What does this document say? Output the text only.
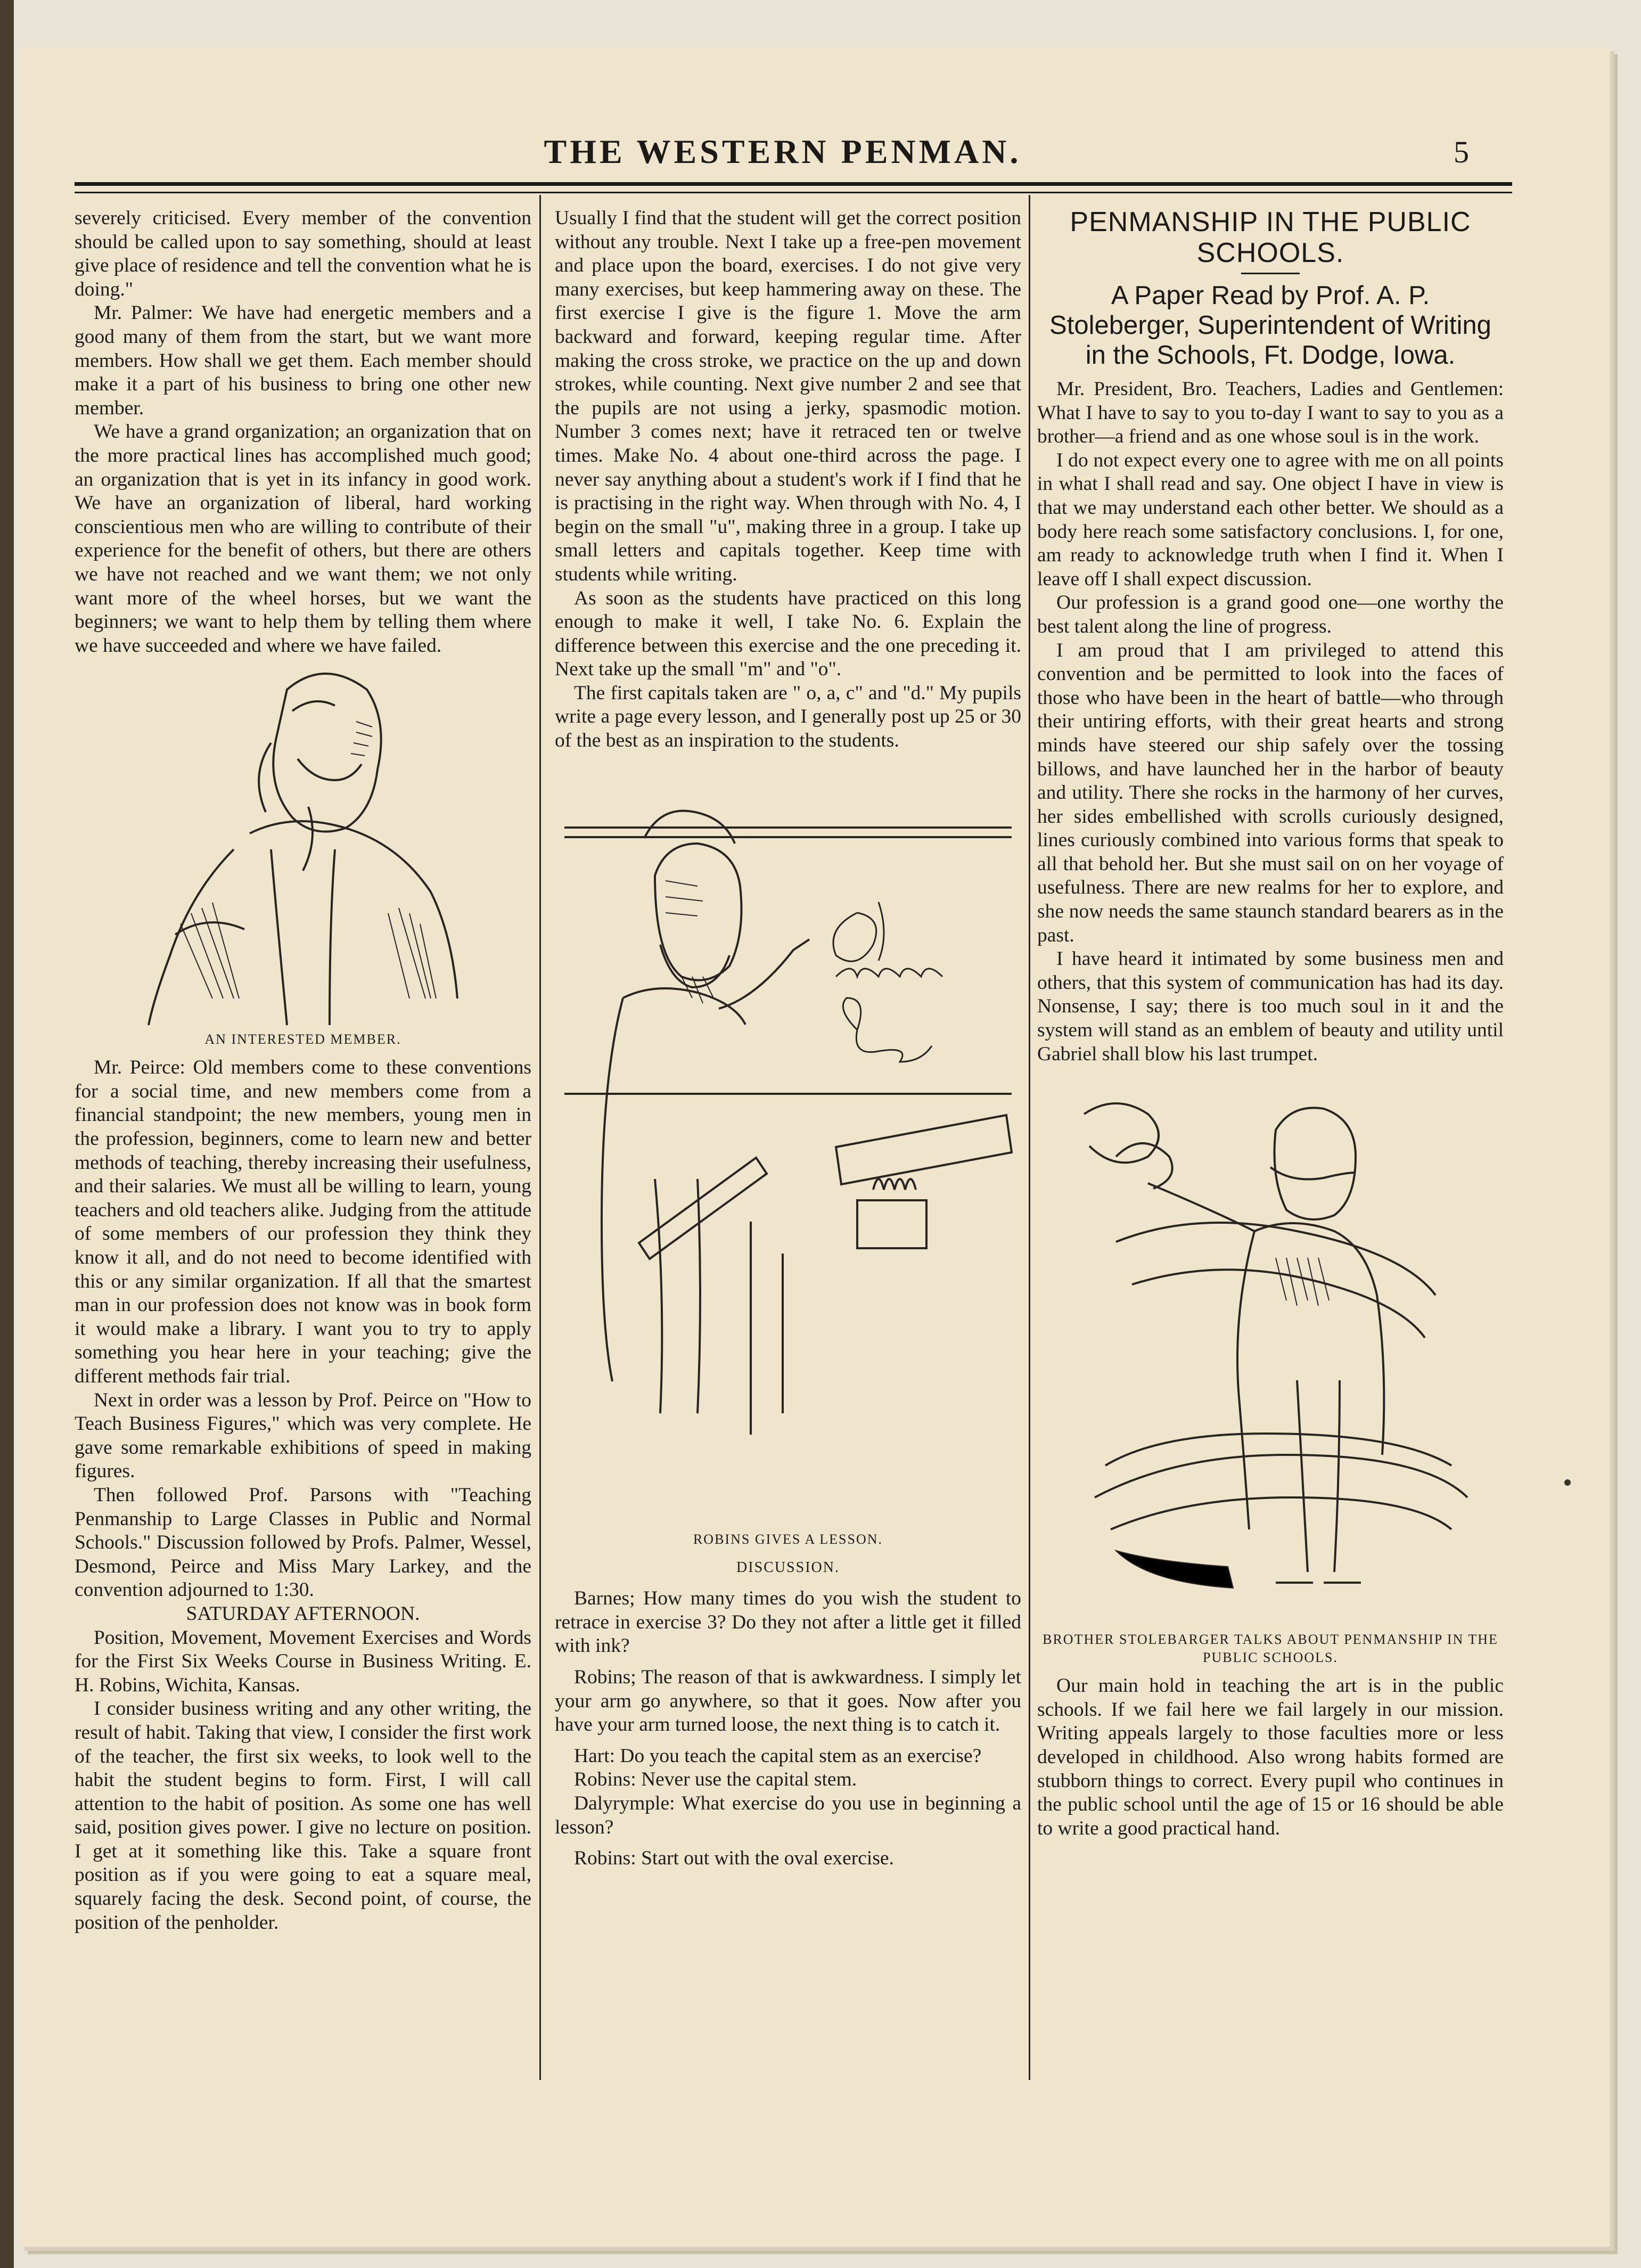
THE WESTERN PENMAN.	5

severely criticised. Every member of the convention should be called upon to say something, should at least give place of residence and tell the convention what he is doing."

Mr. Palmer: We have had energetic members and a good many of them from the start, but we want more members. How shall we get them. Each member should make it a part of his business to bring one other new member.

We have a grand organization; an organization that on the more practical lines has accomplished much good; an organization that is yet in its infancy in good work. We have an organization of liberal, hard working conscientious men who are willing to contribute of their experience for the benefit of others, but there are others we have not reached and we want them; we not only want more of the wheel horses, but we want the beginners; we want to help them by telling them where we have succeeded and where we have failed.

AN INTERESTED MEMBER.

Mr. Peirce: Old members come to these conventions for a social time, and new members come from a financial standpoint; the new members, young men in the profession, beginners, come to learn new and better methods of teaching, thereby increasing their usefulness, and their salaries. We must all be willing to learn, young teachers and old teachers alike. Judging from the attitude of some members of our profession they think they know it all, and do not need to become identified with this or any similar organization. If all that the smartest man in our profession does not know was in book form it would make a library. I want you to try to apply something you hear here in your teaching; give the different methods fair trial.

Next in order was a lesson by Prof. Peirce on "How to Teach Business Figures," which was very complete. He gave some remarkable exhibitions of speed in making figures.

Then followed Prof. Parsons with "Teaching Penmanship to Large Classes in Public and Normal Schools." Discussion followed by Profs. Palmer, Wessel, Desmond, Peirce and Miss Mary Larkey, and the convention adjourned to 1:30.

SATURDAY AFTERNOON.

Position, Movement, Movement Exercises and Words for the First Six Weeks Course in Business Writing. E. H. Robins, Wichita, Kansas.

I consider business writing and any other writing, the result of habit. Taking that view, I consider the first work of the teacher, the first six weeks, to look well to the habit the student begins to form. First, I will call attention to the habit of position. As some one has well said, position gives power. I give no lecture on position. I get at it something like this. Take a square front position as if you were going to eat a square meal, squarely facing the desk. Second point, of course, the position of the penholder.

Usually I find that the student will get the correct position without any trouble. Next I take up a free-pen movement and place upon the board, exercises. I do not give very many exercises, but keep hammering away on these. The first exercise I give is the figure 1. Move the arm backward and forward, keeping regular time. After making the cross stroke, we practice on the up and down strokes, while counting. Next give number 2 and see that the pupils are not using a jerky, spasmodic motion. Number 3 comes next; have it retraced ten or twelve times. Make No. 4 about one-third across the page. I never say anything about a student's work if I find that he is practising in the right way. When through with No. 4, I begin on the small "u", making three in a group. I take up small letters and capitals together. Keep time with students while writing.

As soon as the students have practiced on this long enough to make it well, I take No. 6. Explain the difference between this exercise and the one preceding it. Next take up the small "m" and "o".

The first capitals taken are " o, a, c" and "d." My pupils write a page every lesson, and I generally post up 25 or 30 of the best as an inspiration to the students.

ROBINS GIVES A LESSON.

DISCUSSION.

Barnes; How many times do you wish the student to retrace in exercise 3? Do they not after a little get it filled with ink?

Robins; The reason of that is awkwardness. I simply let your arm go anywhere, so that it goes. Now after you have your arm turned loose, the next thing is to catch it.

Hart: Do you teach the capital stem as an exercise?

Robins: Never use the capital stem.

Dalyrymple: What exercise do you use in beginning a lesson?

Robins: Start out with the oval exercise.

PENMANSHIP IN THE PUBLIC SCHOOLS.
A Paper Read by Prof. A. P. Stoleberger, Superintendent of Writing in the Schools, Ft. Dodge, Iowa.

Mr. President, Bro. Teachers, Ladies and Gentlemen: What I have to say to you to-day I want to say to you as a brother—a friend and as one whose soul is in the work.

I do not expect every one to agree with me on all points in what I shall read and say. One object I have in view is that we may understand each other better. We should as a body here reach some satisfactory conclusions. I, for one, am ready to acknowledge truth when I find it. When I leave off I shall expect discussion.

Our profession is a grand good one—one worthy the best talent along the line of progress.

I am proud that I am privileged to attend this convention and be permitted to look into the faces of those who have been in the heart of battle—who through their untiring efforts, with their great hearts and strong minds have steered our ship safely over the tossing billows, and have launched her in the harbor of beauty and utility. There she rocks in the harmony of her curves, her sides embellished with scrolls curiously designed, lines curiously combined into various forms that speak to all that behold her. But she must sail on on her voyage of usefulness. There are new realms for her to explore, and she now needs the same staunch standard bearers as in the past.

I have heard it intimated by some business men and others, that this system of communication has had its day. Nonsense, I say; there is too much soul in it and the system will stand as an emblem of beauty and utility until Gabriel shall blow his last trumpet.

BROTHER STOLEBARGER TALKS ABOUT PENMANSHIP IN THE PUBLIC SCHOOLS.

Our main hold in teaching the art is in the public schools. If we fail here we fail largely in our mission. Writing appeals largely to those faculties more or less developed in childhood. Also wrong habits formed are stubborn things to correct. Every pupil who continues in the public school until the age of 15 or 16 should be able to write a good practical hand.
